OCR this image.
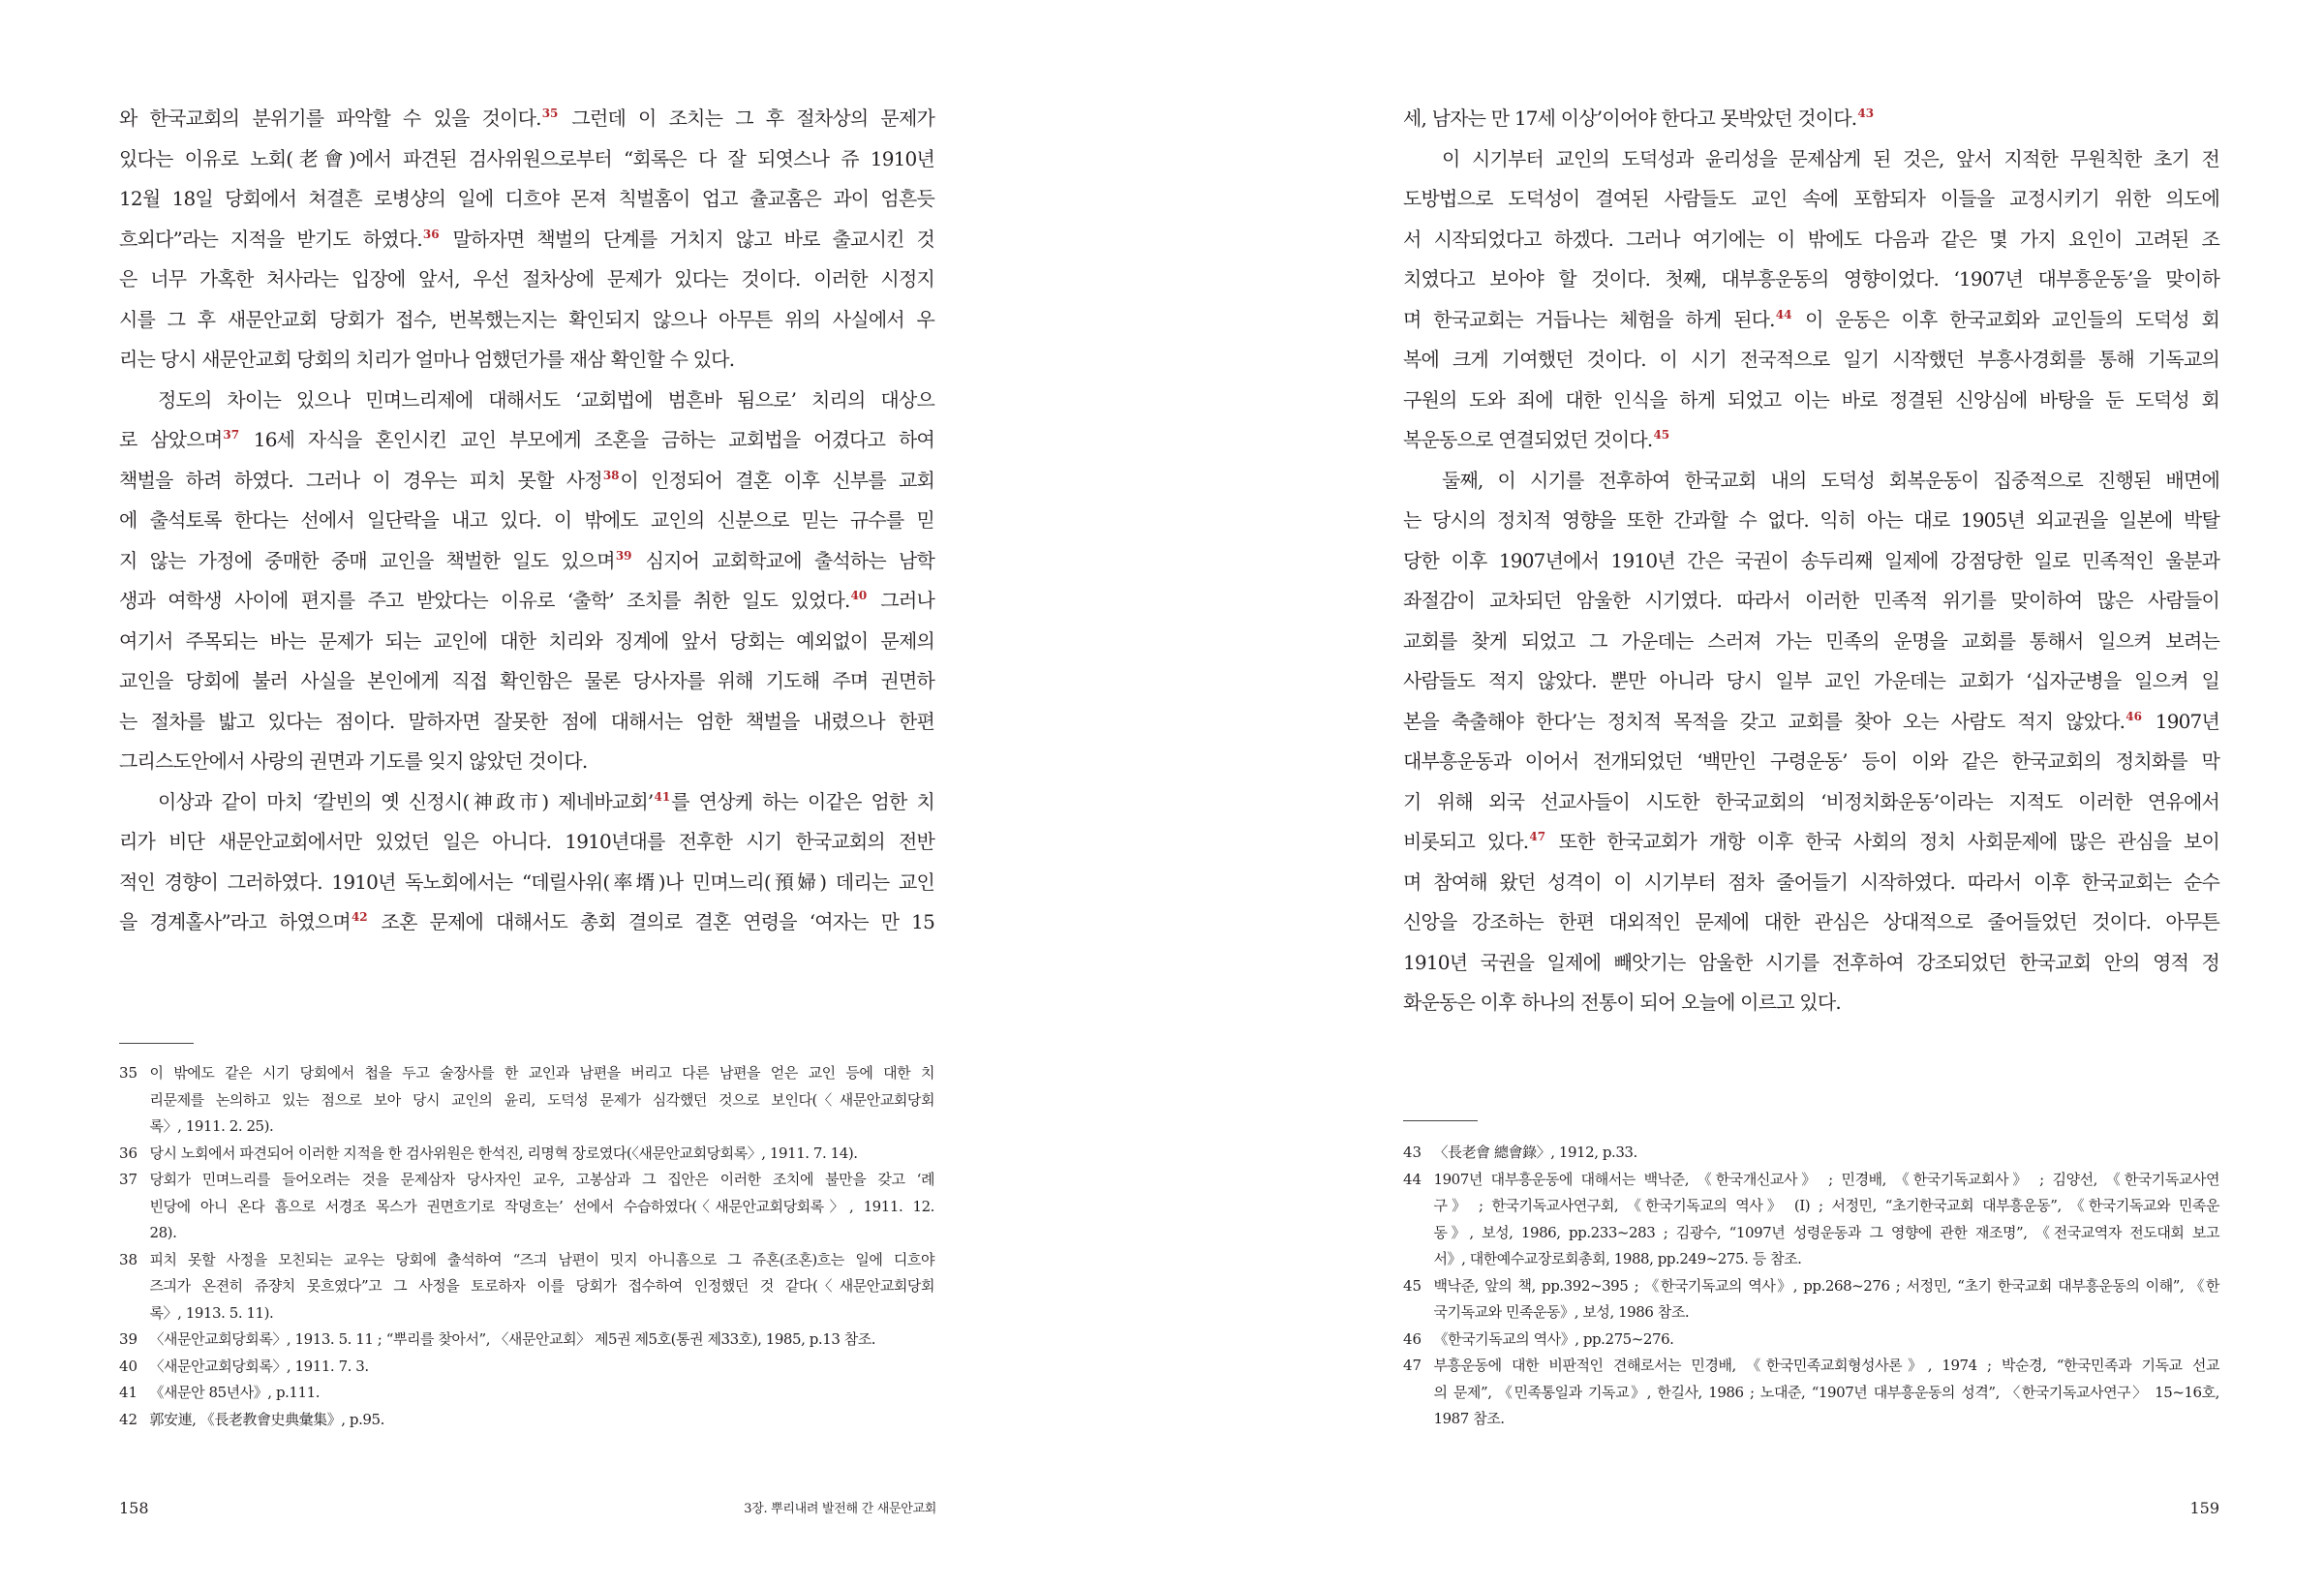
와 한국교회의 분위기를 파악할 수 있을 것이다.$^{35}$ 그런데 이 조치는 그 후 절차상의 문제가
있다는 이유로 노회(老會)에서 파견된 검사위원으로부터 “회록은 다 잘 되엿스나 쥬 1910년
12월 18일 당회에서 쳐결흔 로병샹의 일에 디흐야 몬져 칙벌홈이 업고 츌교홈은 과이 엄흔듯
흐외다”라는 지적을 받기도 하였다.$^{36}$ 말하자면 책벌의 단계를 거치지 않고 바로 출교시킨 것
은 너무 가혹한 처사라는 입장에 앞서, 우선 절차상에 문제가 있다는 것이다. 이러한 시정지
시를 그 후 새문안교회 당회가 접수, 번복했는지는 확인되지 않으나 아무튼 위의 사실에서 우
리는 당시 새문안교회 당회의 치리가 얼마나 엄했던가를 재삼 확인할 수 있다.
정도의 차이는 있으나 민며느리제에 대해서도 ‘교회법에 범흔바 됨으로’ 치리의 대상으
로 삼았으며$^{37}$ 16세 자식을 혼인시킨 교인 부모에게 조혼을 금하는 교회법을 어겼다고 하여
책벌을 하려 하였다. 그러나 이 경우는 피치 못할 사정$^{38}$이 인정되어 결혼 이후 신부를 교회
에 출석토록 한다는 선에서 일단락을 내고 있다. 이 밖에도 교인의 신분으로 믿는 규수를 믿
지 않는 가정에 중매한 중매 교인을 책벌한 일도 있으며$^{39}$ 심지어 교회학교에 출석하는 남학
생과 여학생 사이에 편지를 주고 받았다는 이유로 ‘출학’ 조치를 취한 일도 있었다.$^{40}$ 그러나
여기서 주목되는 바는 문제가 되는 교인에 대한 치리와 징계에 앞서 당회는 예외없이 문제의
교인을 당회에 불러 사실을 본인에게 직접 확인함은 물론 당사자를 위해 기도해 주며 권면하
는 절차를 밟고 있다는 점이다. 말하자면 잘못한 점에 대해서는 엄한 책벌을 내렸으나 한편
그리스도안에서 사랑의 권면과 기도를 잊지 않았던 것이다.
이상과 같이 마치 ‘칼빈의 옛 신정시(神政市) 제네바교회’$^{41}$를 연상케 하는 이같은 엄한 치
리가 비단 새문안교회에서만 있었던 일은 아니다. 1910년대를 전후한 시기 한국교회의 전반
적인 경향이 그러하였다. 1910년 독노회에서는 “데릴사위(率壻)나 민며느리(預婦) 데리는 교인
을 경계홀사”라고 하였으며$^{42}$ 조혼 문제에 대해서도 총회 결의로 결혼 연령을 ‘여자는 만 15
35 이 밖에도 같은 시기 당회에서 첩을 두고 술장사를 한 교인과 남편을 버리고 다른 남편을 얻은 교인 등에 대한 치
리문제를 논의하고 있는 점으로 보아 당시 교인의 윤리, 도덕성 문제가 심각했던 것으로 보인다(〈새문안교회당회
록〉, 1911. 2. 25).
36 당시 노회에서 파견되어 이러한 지적을 한 검사위원은 한석진, 리명혁 장로였다(〈새문안교회당회록〉, 1911. 7. 14).
37 당회가 민며느리를 들어오려는 것을 문제삼자 당사자인 교우, 고봉삼과 그 집안은 이러한 조치에 불만을 갖고 ‘례
빈당에 아니 온다 흠으로 서경조 목스가 권면흐기로 작뎡흐는’ 선에서 수습하였다(〈새문안교회당회록〉, 1911. 12.
28).
38 피치 못할 사정을 모친되는 교우는 당회에 출석하여 “즈긔 남편이 밋지 아니흠으로 그 쥬혼(조혼)흐는 일에 디흐야
즈긔가 온젼히 쥬쟝치 못흐였다”고 그 사정을 토로하자 이를 당회가 접수하여 인정했던 것 같다(〈새문안교회당회
록〉, 1913. 5. 11).
39 〈새문안교회당회록〉, 1913. 5. 11 ; “뿌리를 찾아서”, 〈새문안교회〉 제5권 제5호(통권 제33호), 1985, p.13 참조.
40 〈새문안교회당회록〉, 1911. 7. 3.
41 《새문안 85년사》, p.111.
42 郭安連, 《長老教會史典彙集》, p.95.
158	3장. 뿌리내려 발전해 간 새문안교회
세, 남자는 만 17세 이상’이어야 한다고 못박았던 것이다.$^{43}$
이 시기부터 교인의 도덕성과 윤리성을 문제삼게 된 것은, 앞서 지적한 무원칙한 초기 전
도방법으로 도덕성이 결여된 사람들도 교인 속에 포함되자 이들을 교정시키기 위한 의도에
서 시작되었다고 하겠다. 그러나 여기에는 이 밖에도 다음과 같은 몇 가지 요인이 고려된 조
치였다고 보아야 할 것이다. 첫째, 대부흥운동의 영향이었다. ‘1907년 대부흥운동’을 맞이하
며 한국교회는 거듭나는 체험을 하게 된다.$^{44}$ 이 운동은 이후 한국교회와 교인들의 도덕성 회
복에 크게 기여했던 것이다. 이 시기 전국적으로 일기 시작했던 부흥사경회를 통해 기독교의
구원의 도와 죄에 대한 인식을 하게 되었고 이는 바로 정결된 신앙심에 바탕을 둔 도덕성 회
복운동으로 연결되었던 것이다.$^{45}$
둘째, 이 시기를 전후하여 한국교회 내의 도덕성 회복운동이 집중적으로 진행된 배면에
는 당시의 정치적 영향을 또한 간과할 수 없다. 익히 아는 대로 1905년 외교권을 일본에 박탈
당한 이후 1907년에서 1910년 간은 국권이 송두리째 일제에 강점당한 일로 민족적인 울분과
좌절감이 교차되던 암울한 시기였다. 따라서 이러한 민족적 위기를 맞이하여 많은 사람들이
교회를 찾게 되었고 그 가운데는 스러져 가는 민족의 운명을 교회를 통해서 일으켜 보려는
사람들도 적지 않았다. 뿐만 아니라 당시 일부 교인 가운데는 교회가 ‘십자군병을 일으켜 일
본을 축출해야 한다’는 정치적 목적을 갖고 교회를 찾아 오는 사람도 적지 않았다.$^{46}$ 1907년
대부흥운동과 이어서 전개되었던 ‘백만인 구령운동’ 등이 이와 같은 한국교회의 정치화를 막
기 위해 외국 선교사들이 시도한 한국교회의 ‘비정치화운동’이라는 지적도 이러한 연유에서
비롯되고 있다.$^{47}$ 또한 한국교회가 개항 이후 한국 사회의 정치 사회문제에 많은 관심을 보이
며 참여해 왔던 성격이 이 시기부터 점차 줄어들기 시작하였다. 따라서 이후 한국교회는 순수
신앙을 강조하는 한편 대외적인 문제에 대한 관심은 상대적으로 줄어들었던 것이다. 아무튼
1910년 국권을 일제에 빼앗기는 암울한 시기를 전후하여 강조되었던 한국교회 안의 영적 정
화운동은 이후 하나의 전통이 되어 오늘에 이르고 있다.
43 〈長老會 總會錄〉, 1912, p.33.
44 1907년 대부흥운동에 대해서는 백낙준, 《한국개신교사》 ; 민경배, 《한국기독교회사》 ; 김양선, 《한국기독교사연
구》 ; 한국기독교사연구회, 《한국기독교의 역사》 (I) ; 서정민, “초기한국교회 대부흥운동”, 《한국기독교와 민족운
동》, 보성, 1986, pp.233~283 ; 김광수, “1097년 성령운동과 그 영향에 관한 재조명”, 《전국교역자 전도대회 보고
서》, 대한예수교장로회총회, 1988, pp.249~275. 등 참조.
45 백낙준, 앞의 책, pp.392~395 ; 《한국기독교의 역사》, pp.268~276 ; 서정민, “초기 한국교회 대부흥운동의 이해”, 《한
국기독교와 민족운동》, 보성, 1986 참조.
46 《한국기독교의 역사》, pp.275~276.
47 부흥운동에 대한 비판적인 견해로서는 민경배, 《한국민족교회형성사론》, 1974 ; 박순경, “한국민족과 기독교 선교
의 문제”, 《민족통일과 기독교》, 한길사, 1986 ; 노대준, “1907년 대부흥운동의 성격”, 〈한국기독교사연구〉 15~16호,
1987 참조.
159
